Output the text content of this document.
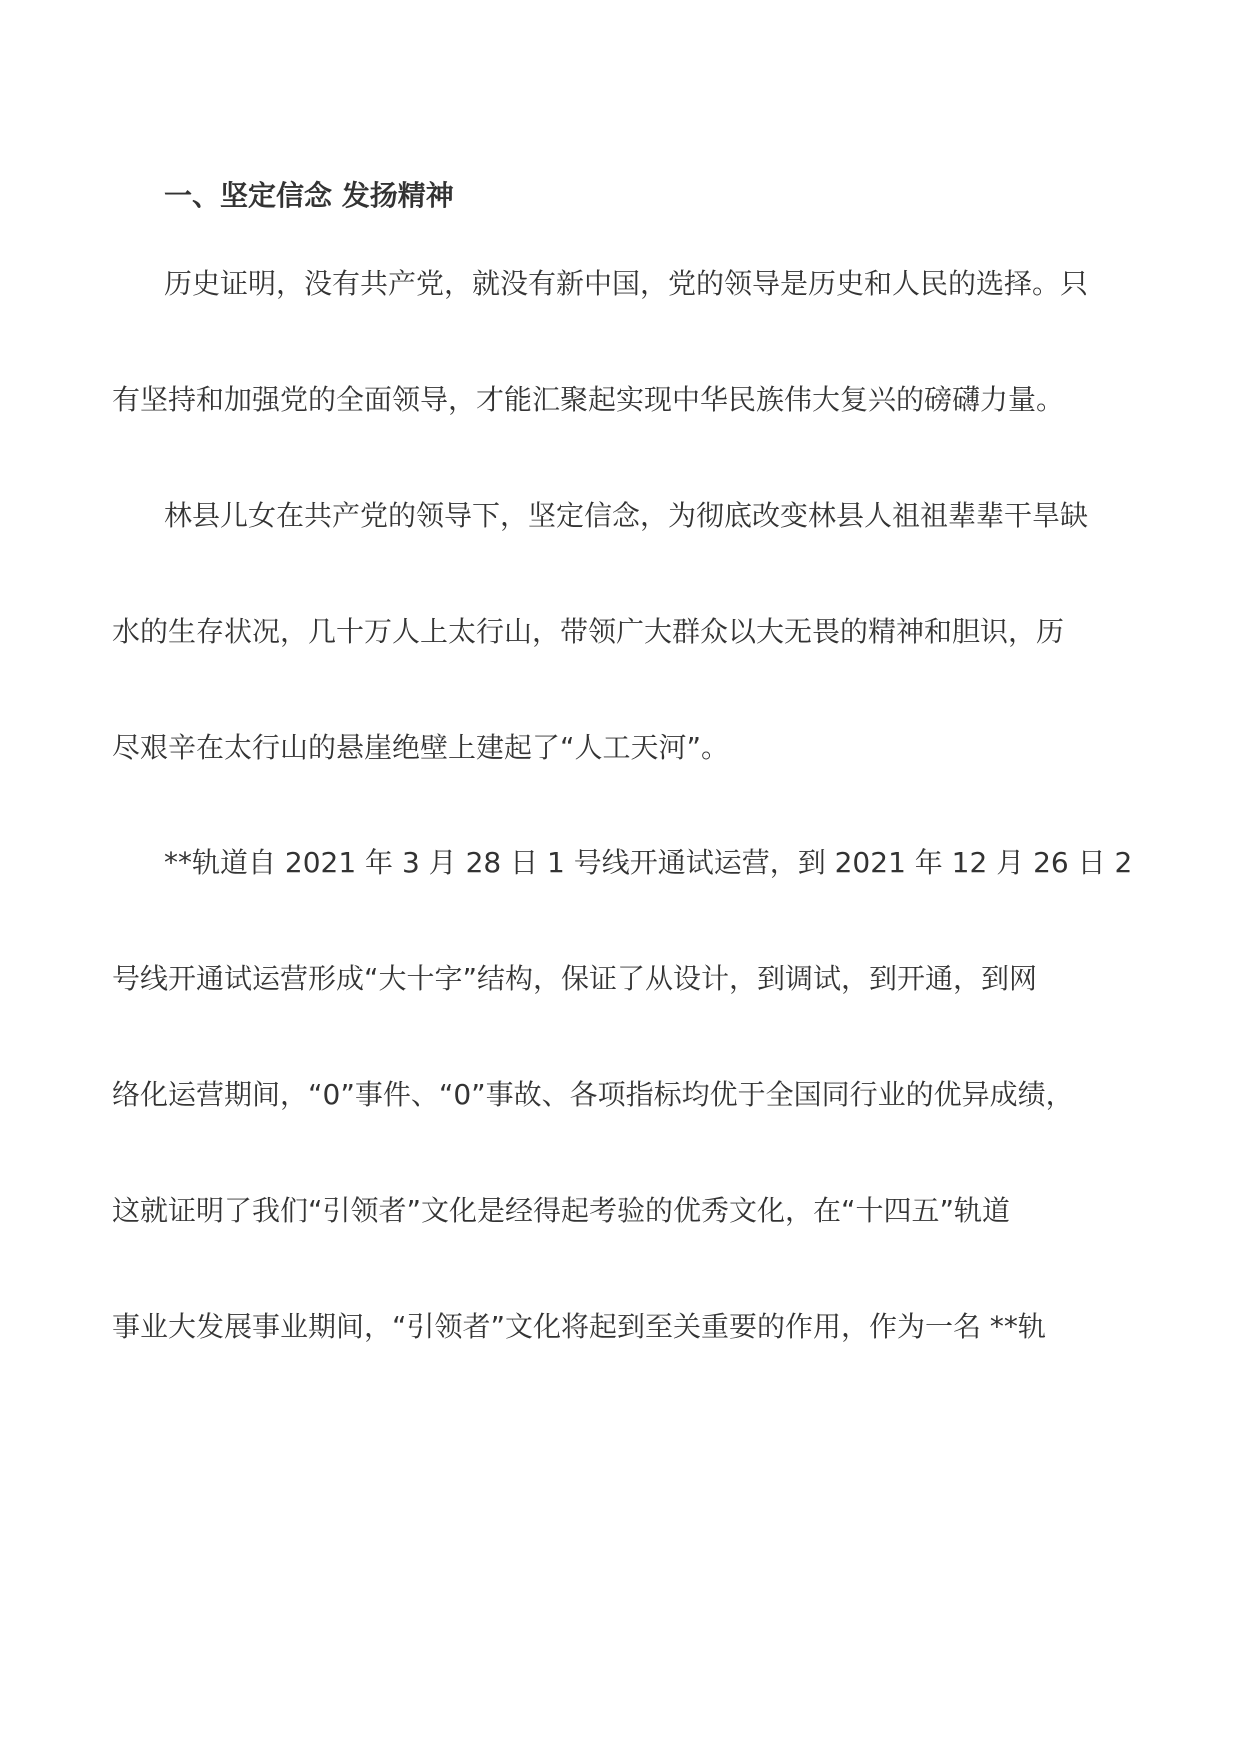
一、坚定信念 发扬精神
历史证明，没有共产党，就没有新中国，党的领导是历史和人民的选择。只
有坚持和加强党的全面领导，才能汇聚起实现中华民族伟大复兴的磅礴力量。
林县儿女在共产党的领导下，坚定信念，为彻底改变林县人祖祖辈辈干旱缺
水的生存状况，几十万人上太行山，带领广大群众以大无畏的精神和胆识，历
尽艰辛在太行山的悬崖绝壁上建起了“人工天河”。
**轨道自 2021 年 3 月 28 日 1 号线开通试运营，到 2021 年 12 月 26 日 2
号线开通试运营形成“大十字”结构，保证了从设计，到调试，到开通，到网
络化运营期间，“0”事件、“0”事故、各项指标均优于全国同行业的优异成绩，
这就证明了我们“引领者”文化是经得起考验的优秀文化，在“十四五”轨道
事业大发展事业期间，“引领者”文化将起到至关重要的作用，作为一名 **轨
